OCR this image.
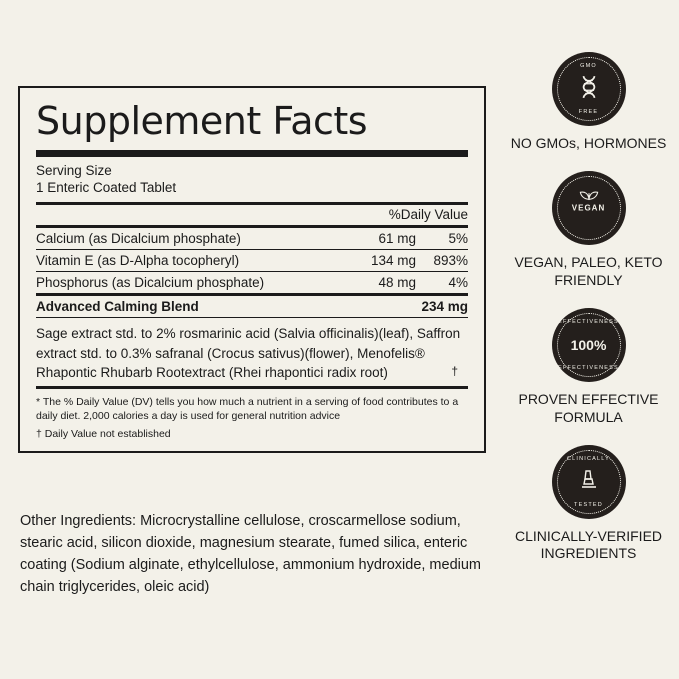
Supplement Facts
Serving Size
1 Enteric Coated Tablet
%Daily Value
Calcium (as Dicalcium phosphate)	61 mg	5%
Vitamin E (as D-Alpha tocopheryl)	134 mg	893%
Phosphorus (as Dicalcium phosphate)	48 mg	4%
Advanced Calming Blend	234 mg
Sage extract std. to 2% rosmarinic acid (Salvia officinalis)(leaf), Saffron extract std. to 0.3% safranal (Crocus sativus)(flower), Menofelis® Rhapontic Rhubarb Rootextract (Rhei rhapontici radix root)	†
* The % Daily Value (DV) tells you how much a nutrient in a serving of food contributes to a daily diet. 2,000 calories a day is used for general nutrition advice
† Daily Value not established
Other Ingredients: Microcrystalline cellulose, croscarmellose sodium, stearic acid, silicon dioxide, magnesium stearate, fumed silica, enteric coating (Sodium alginate, ethylcellulose, ammonium hydroxide, medium chain triglycerides, oleic acid)
GMO
FREE
NO GMOs, HORMONES
VEGAN
VEGAN, PALEO, KETO FRIENDLY
EFFECTIVENESS
EFFECTIVENESS
100%
PROVEN EFFECTIVE FORMULA
CLINICALLY
TESTED
CLINICALLY-VERIFIED INGREDIENTS
